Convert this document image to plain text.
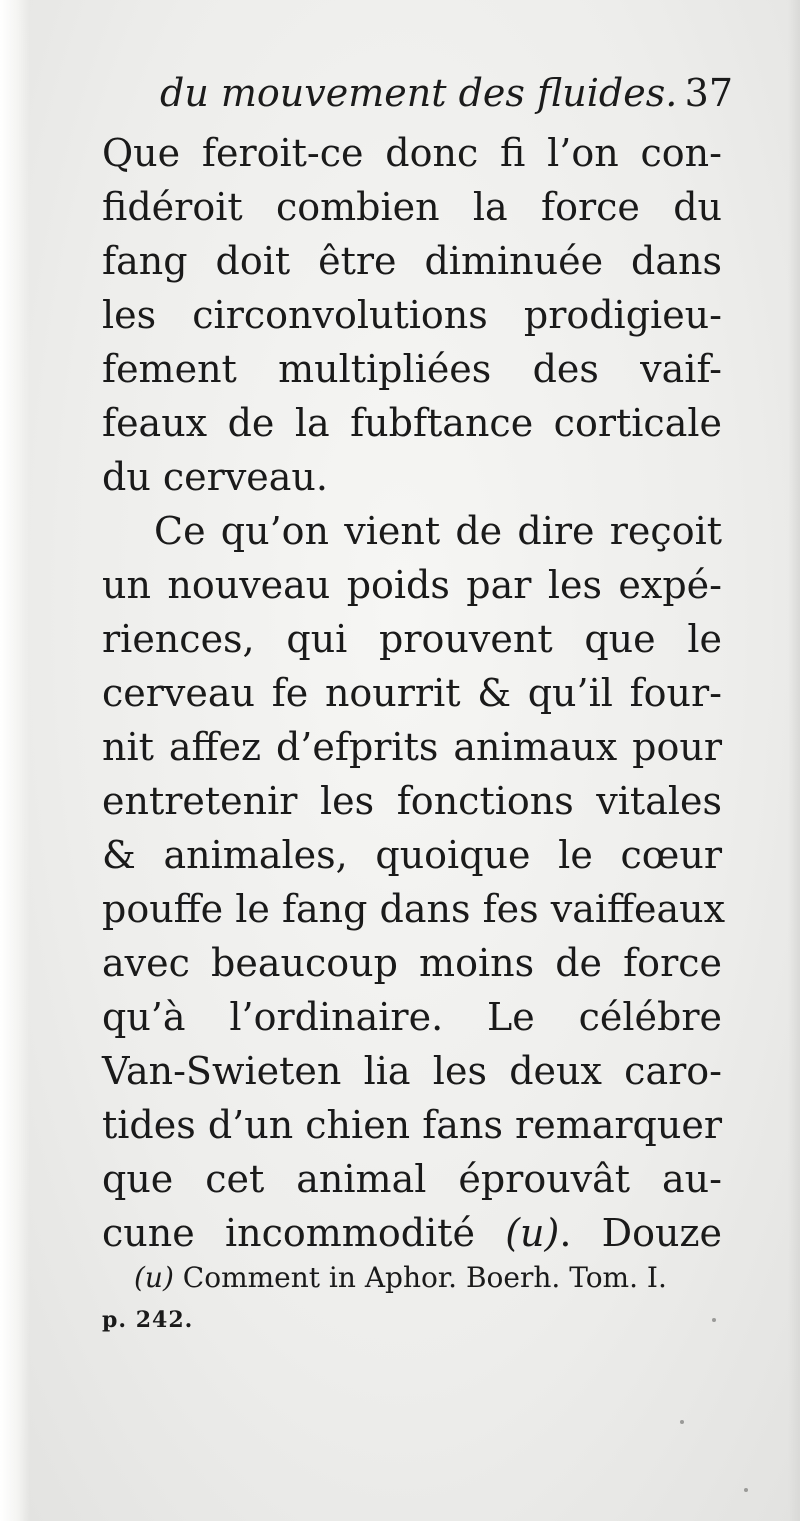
du mouvement des fluides. 37
Que feroit-ce donc fi l’on con-
fidéroit combien la force du
fang doit être diminuée dans
les circonvolutions prodigieu-
fement multipliées des vaif-
feaux de la fubftance corticale
du cerveau.
Ce qu’on vient de dire reçoit
un nouveau poids par les expé-
riences, qui prouvent que le
cerveau fe nourrit & qu’il four-
nit affez d’efprits animaux pour
entretenir les fonctions vitales
& animales, quoique le cœur
pouffe le fang dans fes vaiffeaux
avec beaucoup moins de force
qu’à l’ordinaire. Le célébre
Van-Swieten lia les deux caro-
tides d’un chien fans remarquer
que cet animal éprouvât au-
cune incommodité (u). Douze
(u) Comment in Aphor. Boerh. Tom. I.
p. 242.
